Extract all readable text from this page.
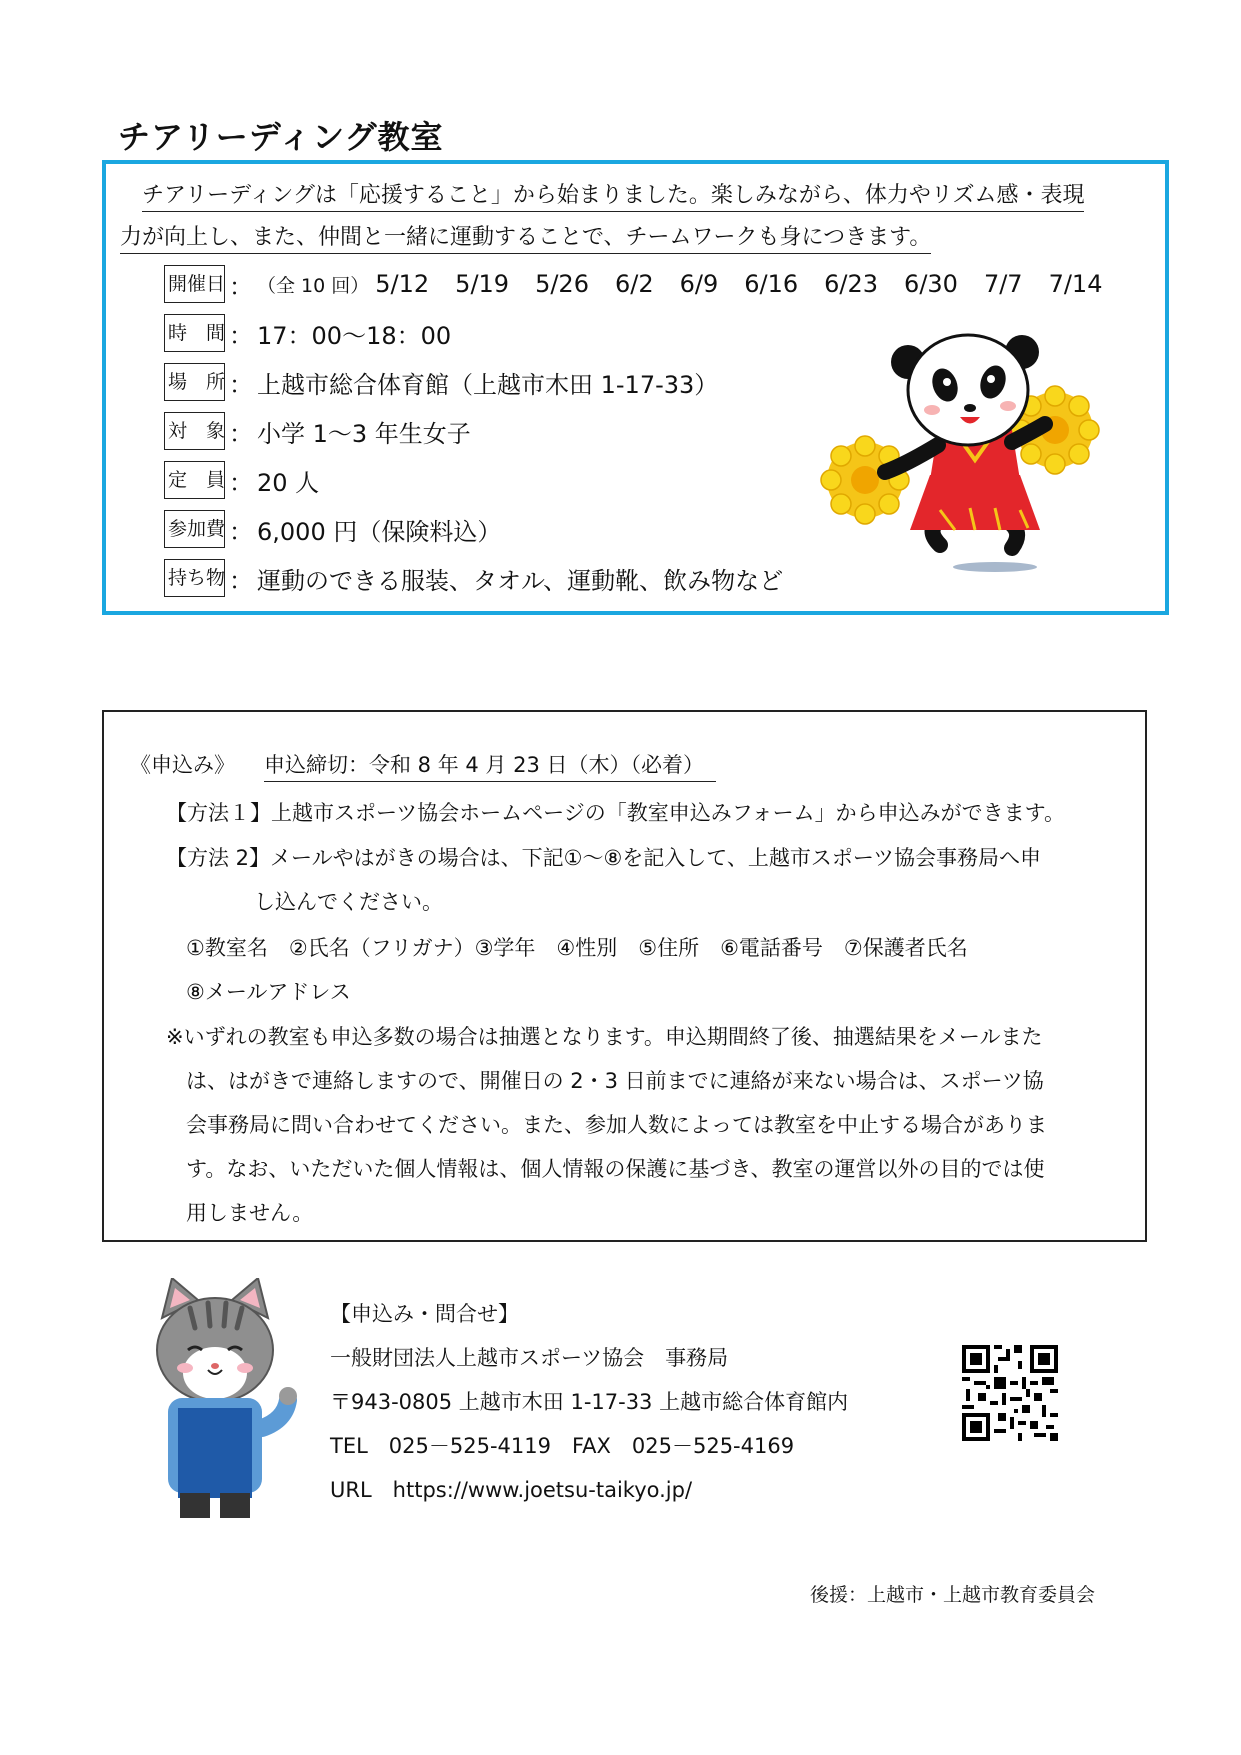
チアリーディング教室
チアリーディングは「応援すること」から始まりました。楽しみながら、体力やリズム感・表現
力が向上し、また、仲間と一緒に運動することで、チームワークも身につきます。
開催日 ： （全 10 回） 5/12 5/19 5/26 6/2 6/9 6/16 6/23 6/30 7/7 7/14
時　間 ： 17：00～18：00
場　所 ： 上越市総合体育館（上越市木田 1-17-33）
対　象 ： 小学 1～3 年生女子
定　員 ： 20 人
参加費 ： 6,000 円（保険料込）
持ち物 ： 運動のできる服装、タオル、運動靴、飲み物など
《申込み》 申込締切：令和 8 年 4 月 23 日（木）（必着）
【方法１】上越市スポーツ協会ホームページの「教室申込みフォーム」から申込みができます。
【方法 2】メールやはがきの場合は、下記①～⑧を記入して、上越市スポーツ協会事務局へ申
し込んでください。
①教室名　②氏名（フリガナ）③学年　④性別　⑤住所　⑥電話番号　⑦保護者氏名
⑧メールアドレス
※いずれの教室も申込多数の場合は抽選となります。申込期間終了後、抽選結果をメールまた
は、はがきで連絡しますので、開催日の 2・3 日前までに連絡が来ない場合は、スポーツ協
会事務局に問い合わせてください。また、参加人数によっては教室を中止する場合がありま
す。なお、いただいた個人情報は、個人情報の保護に基づき、教室の運営以外の目的では使
用しません。
【申込み・問合せ】
一般財団法人上越市スポーツ協会　事務局
〒943-0805 上越市木田 1-17-33 上越市総合体育館内
TEL　025－525-4119　FAX　025－525-4169
URL　https://www.joetsu-taikyo.jp/
後援：上越市・上越市教育委員会
